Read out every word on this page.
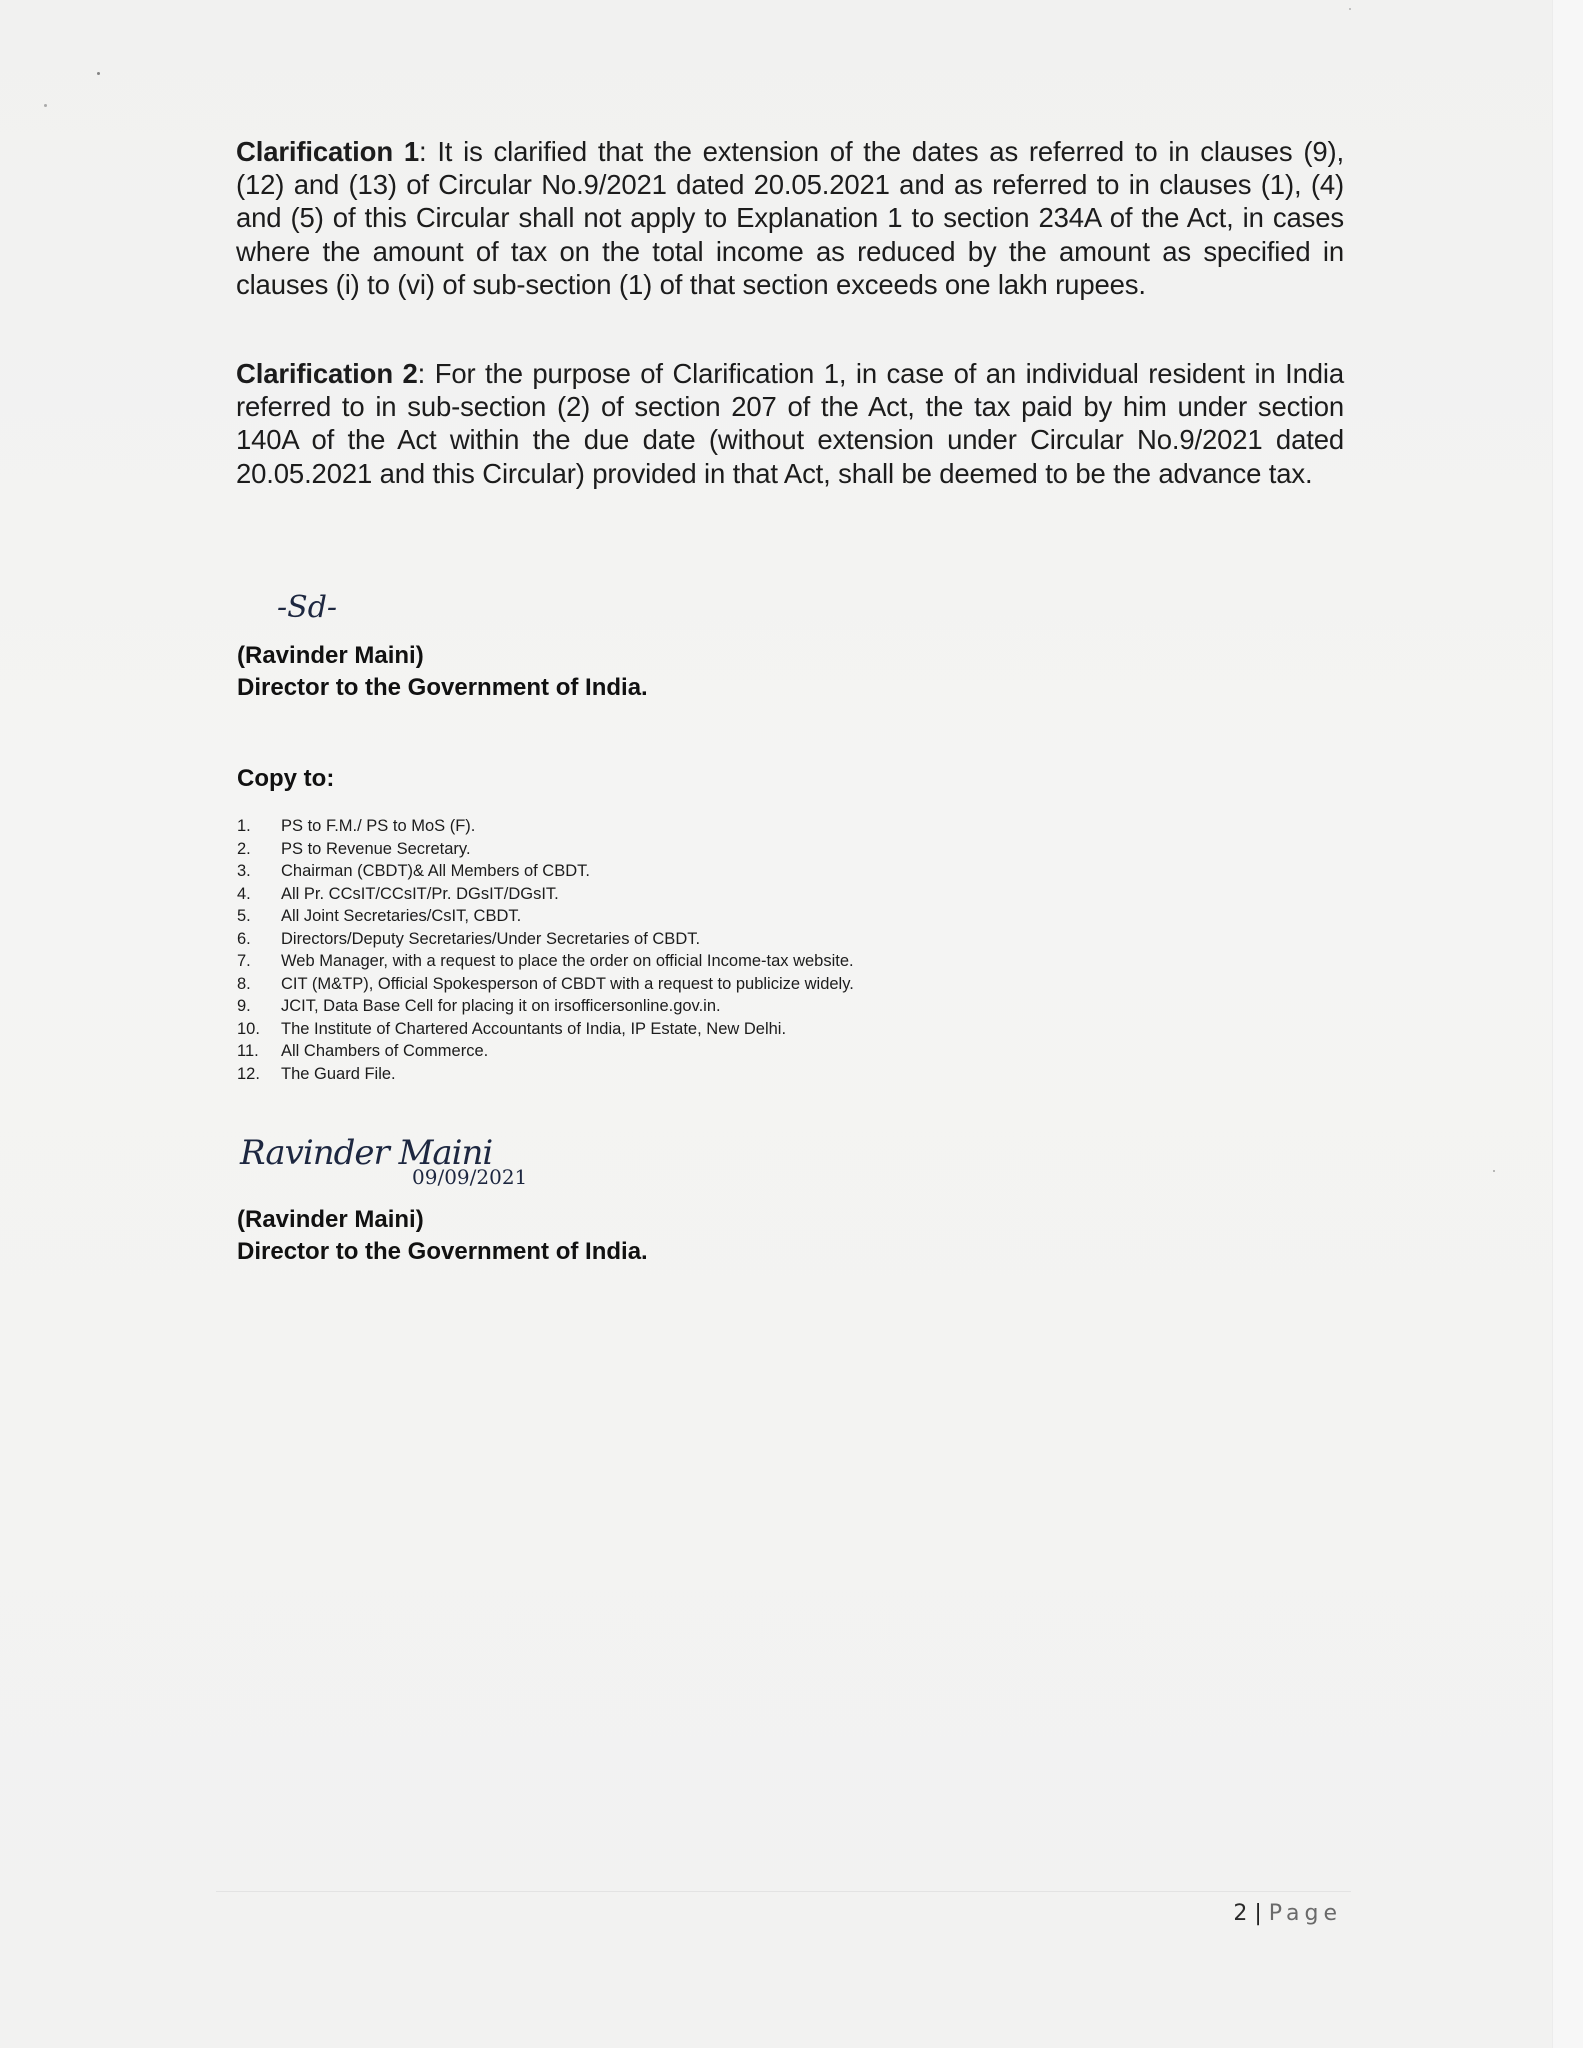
Clarification 1: It is clarified that the extension of the dates as referred to in clauses (9), (12) and (13) of Circular No.9/2021 dated 20.05.2021 and as referred to in clauses (1), (4) and (5) of this Circular shall not apply to Explanation 1 to section 234A of the Act, in cases where the amount of tax on the total income as reduced by the amount as specified in clauses (i) to (vi) of sub-section (1) of that section exceeds one lakh rupees.

Clarification 2: For the purpose of Clarification 1, in case of an individual resident in India referred to in sub-section (2) of section 207 of the Act, the tax paid by him under section 140A of the Act within the due date (without extension under Circular No.9/2021 dated 20.05.2021 and this Circular) provided in that Act, shall be deemed to be the advance tax.

-Sd-
(Ravinder Maini)
Director to the Government of India.
Copy to:
1.	PS to F.M./ PS to MoS (F).
2.	PS to Revenue Secretary.
3.	Chairman (CBDT)& All Members of CBDT.
4.	All Pr. CCsIT/CCsIT/Pr. DGsIT/DGsIT.
5.	All Joint Secretaries/CsIT, CBDT.
6.	Directors/Deputy Secretaries/Under Secretaries of CBDT.
7.	Web Manager, with a request to place the order on official Income-tax website.
8.	CIT (M&TP), Official Spokesperson of CBDT with a request to publicize widely.
9.	JCIT, Data Base Cell for placing it on irsofficersonline.gov.in.
10.	The Institute of Chartered Accountants of India, IP Estate, New Delhi.
11.	All Chambers of Commerce.
12.	The Guard File.
Ravinder Maini
09/09/2021
(Ravinder Maini)
Director to the Government of India.
2 | Page
